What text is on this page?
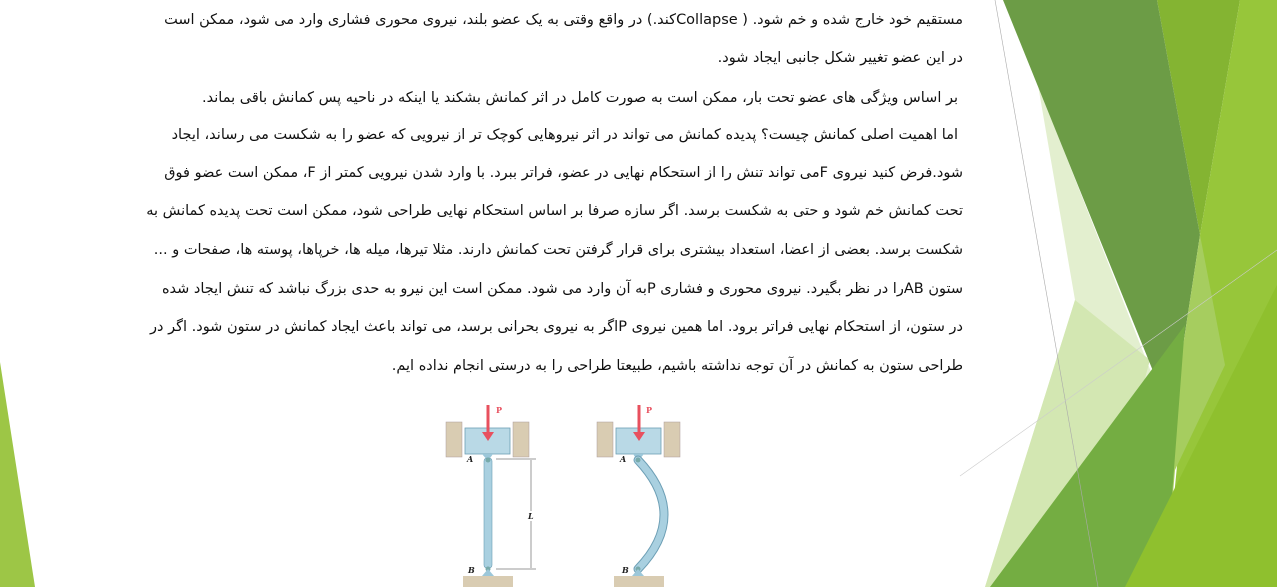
مستقیم خود خارج شده و خم شود. ( Collapseکند.) در واقع وقتی به یک عضو بلند، نیروی محوری فشاری وارد می شود، ممکن است
در این عضو تغییر شکل جانبی ایجاد شود.
بر اساس ویژگی های عضو تحت بار، ممکن است به صورت کامل در اثر کمانش بشکند یا اینکه در ناحیه پس کمانش باقی بماند.
اما اهمیت اصلی کمانش چیست؟ پدیده کمانش می تواند در اثر نیروهایی کوچک تر از نیرویی که عضو را به شکست می رساند، ایجاد
شود.فرض کنید نیروی Fمی تواند تنش را از استحکام نهایی در عضو، فراتر ببرد. با وارد شدن نیرویی کمتر از F، ممکن است عضو فوق
تحت کمانش خم شود و حتی به شکست برسد. اگر سازه صرفا بر اساس استحکام نهایی طراحی شود، ممکن است تحت پدیده کمانش به
شکست برسد. بعضی از اعضا، استعداد بیشتری برای قرار گرفتن تحت کمانش دارند. مثلا تیرها، میله ها، خرپاها، پوسته ها، صفحات و ...
ستون ABرا در نظر بگیرد. نیروی محوری و فشاری Pبه آن وارد می شود. ممکن است این نیرو به حدی بزرگ نباشد که تنش ایجاد شده
در ستون، از استحکام نهایی فراتر برود. اما همین نیروی Pاگر به نیروی بحرانی برسد، می تواند باعث ایجاد کمانش در ستون شود. اگر در
طراحی ستون به کمانش در آن توجه نداشته باشیم، طبیعتا طراحی را به درستی انجام نداده ایم.
P
A
B
L
P
A
B
